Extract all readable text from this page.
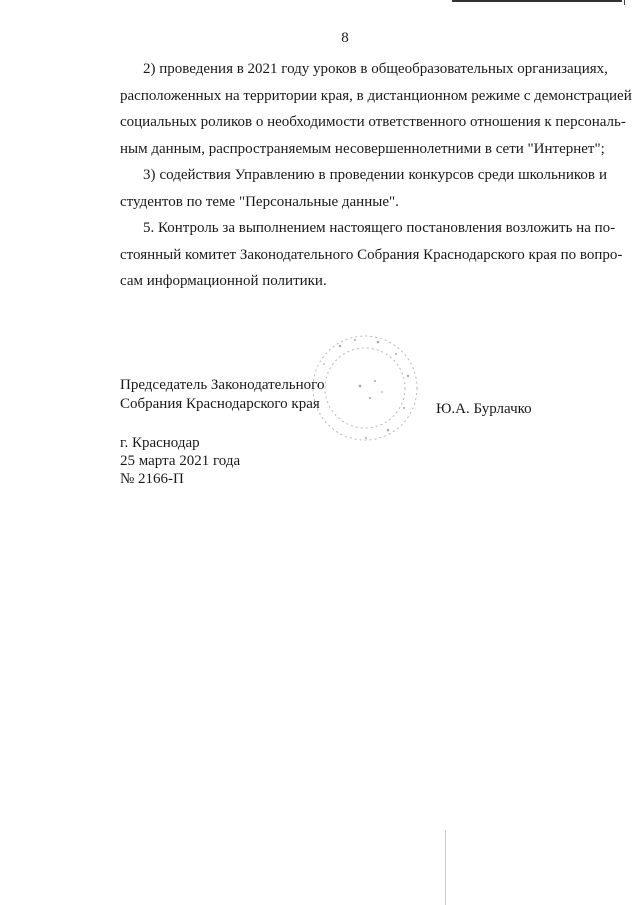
8

2) проведения в 2021 году уроков в общеобразовательных организациях,
расположенных на территории края, в дистанционном режиме с демонстрацией
социальных роликов о необходимости ответственного отношения к персональ-
ным данным, распространяемым несовершеннолетними в сети "Интернет";

3) содействия Управлению в проведении конкурсов среди школьников и
студентов по теме "Персональные данные".

5. Контроль за выполнением настоящего постановления возложить на по-
стоянный комитет Законодательного Собрания Краснодарского края по вопро-
сам информационной политики.

Председатель Законодательного
Собрания Краснодарского края	Ю.А. Бурлачко
г. Краснодар
25 марта 2021 года
№ 2166-П
